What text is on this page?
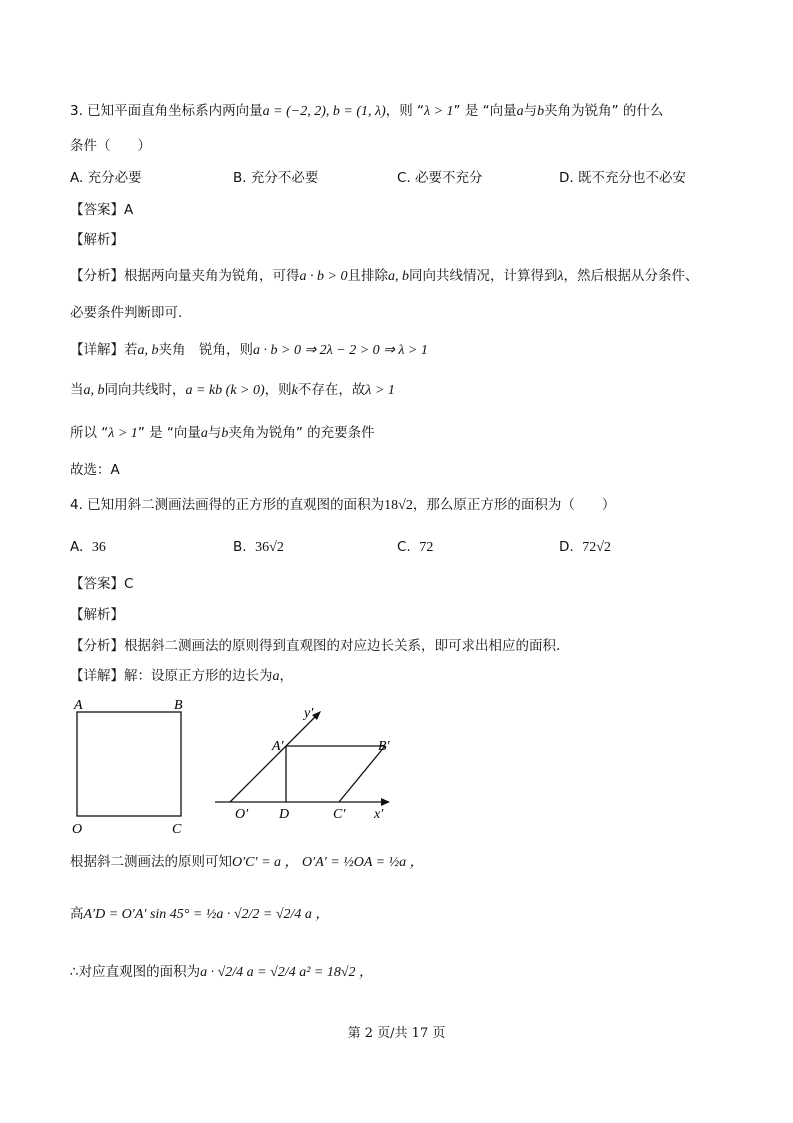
3. 已知平面直角坐标系内两向量a = (−2, 2), b = (1, λ)，则 “λ > 1” 是 “向量a与b夹角为锐角” 的什么
条件（　　）
A. 充分必要	B. 充分不必要	C. 必要不充分	D. 既不充分也不必安
【答案】A
【解析】
【分析】根据两向量夹角为锐角，可得a · b > 0且排除a, b同向共线情况，计算得到λ，然后根据从分条件、
必要条件判断即可.
【详解】若a, b夹角　锐角，则a · b > 0 ⇒ 2λ − 2 > 0 ⇒ λ > 1
当a, b同向共线时，a = kb (k > 0)，则k不存在，故λ > 1
所以 “λ > 1” 是 “向量a与b夹角为锐角” 的充要条件
故选：A
4. 已知用斜二测画法画得的正方形的直观图的面积为18√2，那么原正方形的面积为（　　）
A. 36	B. 36√2	C. 72	D. 72√2
【答案】C
【解析】
【分析】根据斜二测画法的原则得到直观图的对应边长关系，即可求出相应的面积．
【详解】解：设原正方形的边长为a，
A	B
O	C
y′
A′	B′
O′ D	C′ x′
根据斜二测画法的原则可知O′C′ = a ， O′A′ = ½OA = ½a ，
高A′D = O′A′ sin 45° = ½a · √2/2 = √2/4 a ，
∴对应直观图的面积为a · √2/4 a = √2/4 a² = 18√2 ，
第 2 页/共 17 页
